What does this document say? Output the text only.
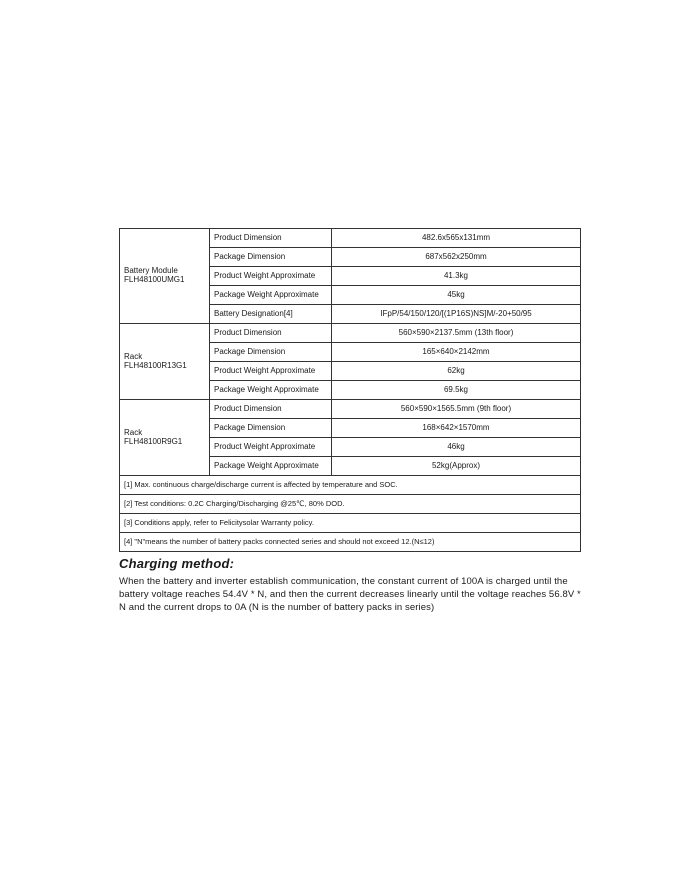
Battery Module
FLH48100UMG1	Product Dimension	482.6x565x131mm
	Package Dimension	687x562x250mm
	Product Weight Approximate	41.3kg
	Package Weight Approximate	45kg
	Battery Designation[4]	IFpP/54/150/120/[(1P16S)NS]M/-20+50/95

Rack
FLH48100R13G1	Product Dimension	560×590×2137.5mm (13th floor)
	Package Dimension	165×640×2142mm
	Product Weight Approximate	62kg
	Package Weight Approximate	69.5kg

Rack
FLH48100R9G1	Product Dimension	560×590×1565.5mm (9th floor)
	Package Dimension	168×642×1570mm
	Product Weight Approximate	46kg
	Package Weight Approximate	52kg(Approx)
[1] Max. continuous charge/discharge current is affected by temperature and SOC.		
[2] Test conditions: 0.2C Charging/Discharging @25℃, 80% DOD.		
[3] Conditions apply, refer to Felicitysolar Warranty policy.		
[4] "N"means the number of battery packs connected series and should not exceed 12.(N≤12)		
Charging method:

When the battery and inverter establish communication, the constant current of 100A is charged until the battery voltage reaches 54.4V * N, and then the current decreases linearly until the voltage reaches 56.8V * N and the current drops to 0A (N is the number of battery packs in series)
